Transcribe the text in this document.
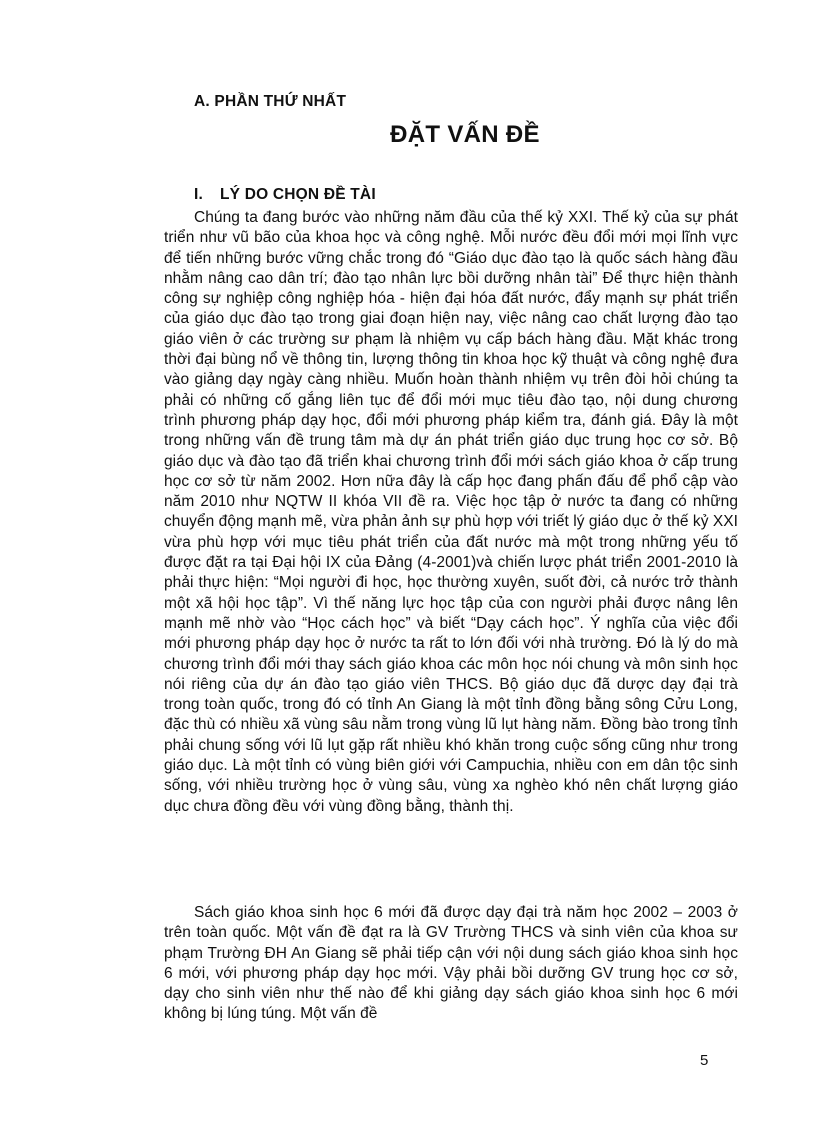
A. PHẦN THỨ NHẤT
ĐẶT VẤN ĐỀ
I. LÝ DO CHỌN ĐỀ TÀI
Chúng ta đang bước vào những năm đầu của thế kỷ XXI. Thế kỷ của sự phát triển như vũ bão của khoa học và công nghệ. Mỗi nước đều đổi mới mọi lĩnh vực để tiến những bước vững chắc trong đó “Giáo dục đào tạo là quốc sách hàng đầu nhằm nâng cao dân trí; đào tạo nhân lực bồi dưỡng nhân tài” Để thực hiện thành công sự nghiệp công nghiệp hóa - hiện đại hóa đất nước, đẩy mạnh sự phát triển của giáo dục đào tạo trong giai đoạn hiện nay, việc nâng cao chất lượng đào tạo giáo viên ở các trường sư phạm là nhiệm vụ cấp bách hàng đầu. Mặt khác trong thời đại bùng nổ về thông tin, lượng thông tin khoa học kỹ thuật và công nghệ đưa vào giảng dạy ngày càng nhiều. Muốn hoàn thành nhiệm vụ trên đòi hỏi chúng ta phải có những cố gắng liên tục để đổi mới mục tiêu đào tạo, nội dung chương trình phương pháp dạy học, đổi mới phương pháp kiểm tra, đánh giá. Đây là một trong những vấn đề trung tâm mà dự án phát triển giáo dục trung học cơ sở. Bộ giáo dục và đào tạo đã triển khai chương trình đổi mới sách giáo khoa ở cấp trung học cơ sở từ năm 2002. Hơn nữa đây là cấp học đang phấn đấu để phổ cập vào năm 2010 như NQTW II khóa VII đề ra. Việc học tập ở nước ta đang có những chuyển động mạnh mẽ, vừa phản ảnh sự phù hợp với triết lý giáo dục ở thế kỷ XXI vừa phù hợp với mục tiêu phát triển của đất nước mà một trong những yếu tố được đặt ra tại Đại hội IX của Đảng (4-2001)và chiến lược phát triển 2001-2010 là phải thực hiện: “Mọi người đi học, học thường xuyên, suốt đời, cả nước trở thành một xã hội học tập”. Vì thế năng lực học tập của con người phải được nâng lên mạnh mẽ nhờ vào “Học cách học” và biết “Dạy cách học”. Ý nghĩa của việc đổi mới phương pháp dạy học ở nước ta rất to lớn đối với nhà trường. Đó là lý do mà chương trình đổi mới thay sách giáo khoa các môn học nói chung và môn sinh học nói riêng của dự án đào tạo giáo viên THCS. Bộ giáo dục đã dược dạy đại trà trong toàn quốc, trong đó có tỉnh An Giang là một tỉnh đồng bằng sông Cửu Long, đặc thù có nhiều xã vùng sâu nằm trong vùng lũ lụt hàng năm. Đồng bào trong tỉnh phải chung sống với lũ lụt gặp rất nhiều khó khăn trong cuộc sống cũng như trong giáo dục. Là một tỉnh có vùng biên giới với Campuchia, nhiều con em dân tộc sinh sống, với nhiều trường học ở vùng sâu, vùng xa nghèo khó nên chất lượng giáo dục chưa đồng đều với vùng đồng bằng, thành thị.
Sách giáo khoa sinh học 6 mới đã được dạy đại trà năm học 2002 – 2003 ở trên toàn quốc. Một vấn đề đạt ra là GV Trường THCS và sinh viên của khoa sư phạm Trường ĐH An Giang sẽ phải tiếp cận với nội dung sách giáo khoa sinh học 6 mới, với phương pháp dạy học mới. Vậy phải bồi dưỡng GV trung học cơ sở, dạy cho sinh viên như thế nào để khi giảng dạy sách giáo khoa sinh học 6 mới không bị lúng túng. Một vấn đề
5
